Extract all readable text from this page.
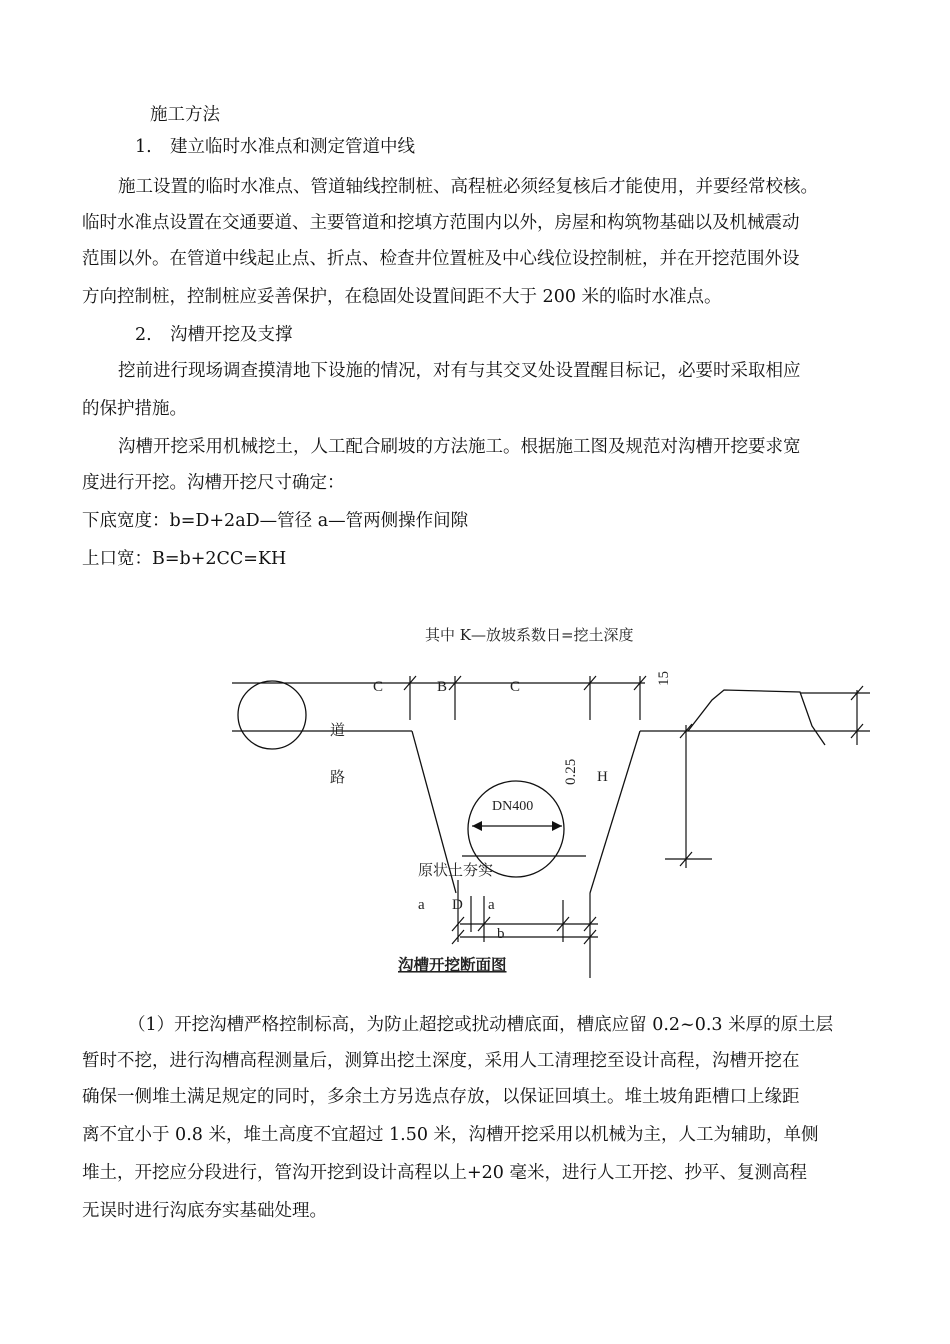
施工方法
1.	建立临时水准点和测定管道中线
施工设置的临时水准点、管道轴线控制桩、高程桩必须经复核后才能使用，并要经常校核。
临时水准点设置在交通要道、主要管道和挖填方范围内以外，房屋和构筑物基础以及机械震动
范围以外。在管道中线起止点、折点、检查井位置桩及中心线位设控制桩，并在开挖范围外设
方向控制桩，控制桩应妥善保护，在稳固处设置间距不大于 200 米的临时水准点。
2.	沟槽开挖及支撑
挖前进行现场调查摸清地下设施的情况，对有与其交叉处设置醒目标记，必要时采取相应
的保护措施。
沟槽开挖采用机械挖土，人工配合刷坡的方法施工。根据施工图及规范对沟槽开挖要求宽
度进行开挖。沟槽开挖尺寸确定：
下底宽度：b=D+2aD—管径 a—管两侧操作间隙
上口宽：B=b+2CC=KH
其中 K—放坡系数日=挖土深度
C	B	C
15
道
路	H
DN400
0.25
原状土夯实
a D a
b
沟槽开挖断面图
（1）开挖沟槽严格控制标高，为防止超挖或扰动槽底面，槽底应留 0.2~0.3 米厚的原土层
暂时不挖，进行沟槽高程测量后，测算出挖土深度，采用人工清理挖至设计高程，沟槽开挖在
确保一侧堆土满足规定的同时，多余土方另选点存放，以保证回填土。堆土坡角距槽口上缘距
离不宜小于 0.8 米，堆土高度不宜超过 1.50 米，沟槽开挖采用以机械为主，人工为辅助，单侧
堆土，开挖应分段进行，管沟开挖到设计高程以上+20 毫米，进行人工开挖、抄平、复测高程
无误时进行沟底夯实基础处理。
